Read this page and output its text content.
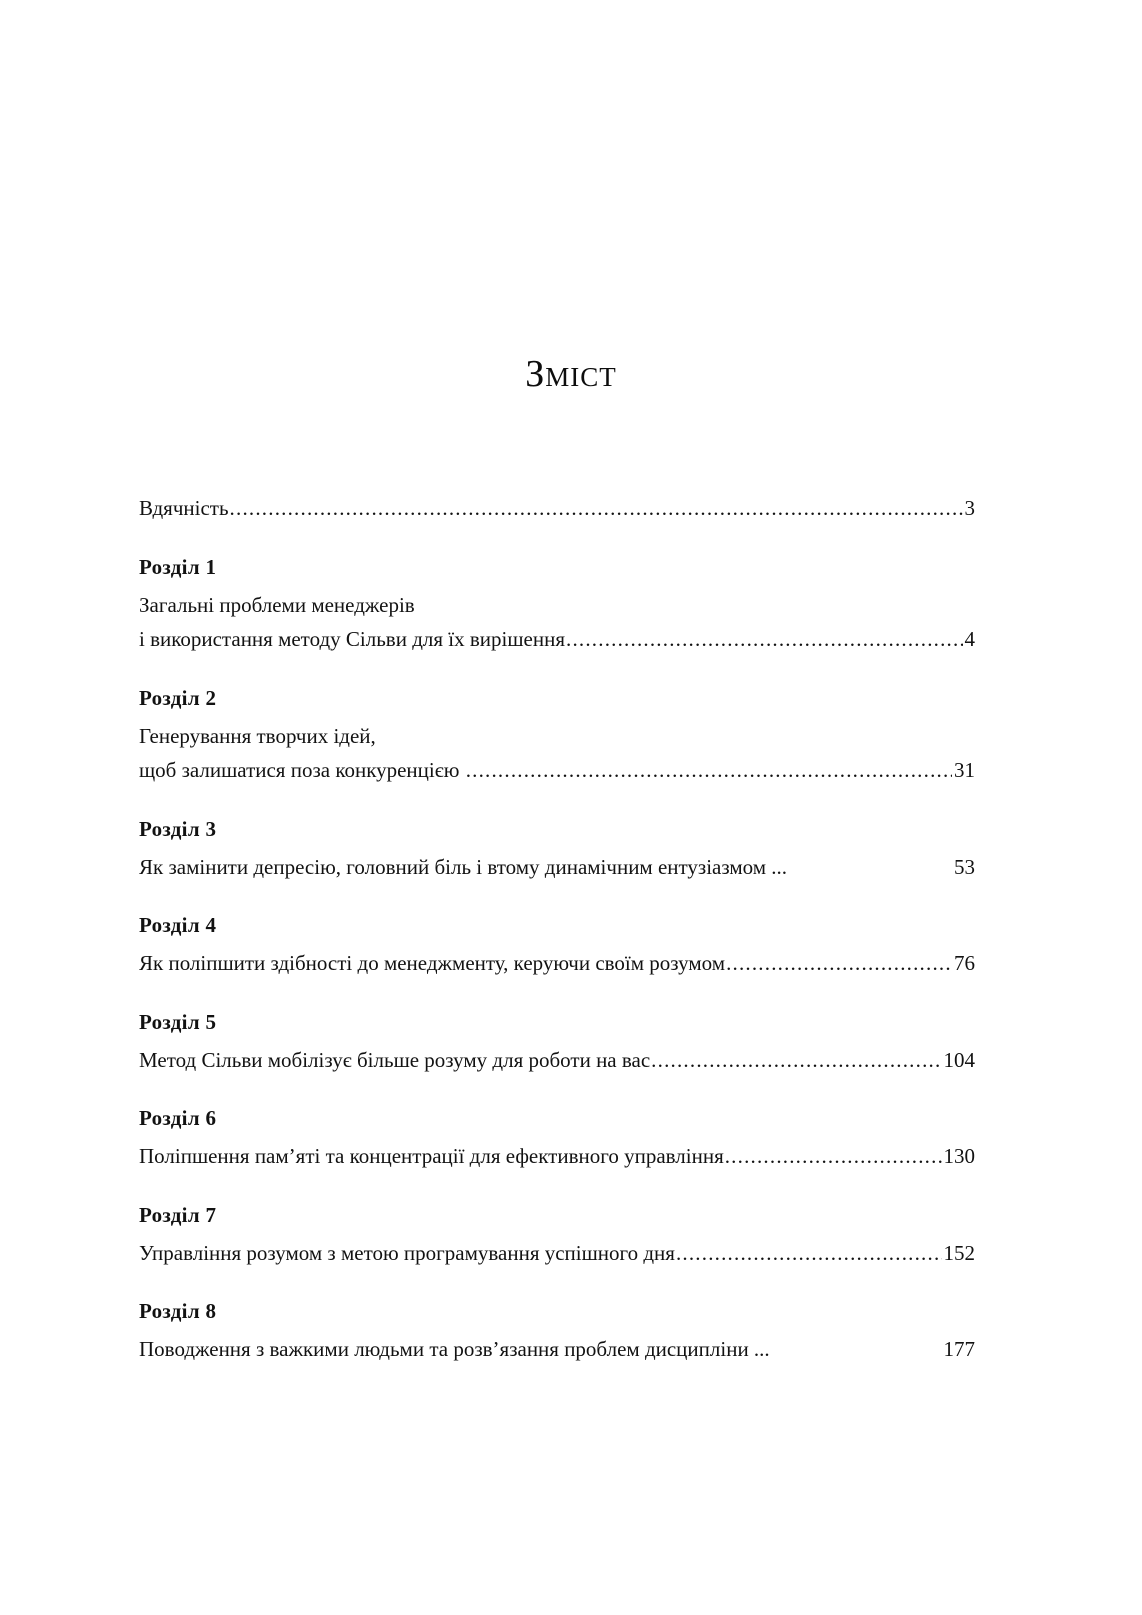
Зміст
Вдячність .....	3
Розділ 1
Загальні проблеми менеджерів
і використання методу Сільви для їх вирішення .....	4
Розділ 2
Генерування творчих ідей,
щоб залишатися поза конкуренцією .....	31
Розділ 3
Як замінити депресію, головний біль і втому динамічним ентузіазмом ...	53
Розділ 4
Як поліпшити здібності до менеджменту, керуючи своїм розумом .....	76
Розділ 5
Метод Сільви мобілізує більше розуму для роботи на вас .....	104
Розділ 6
Поліпшення пам’яті та концентрації для ефективного управління .....	130
Розділ 7
Управління розумом з метою програмування успішного дня .....	152
Розділ 8
Поводження з важкими людьми та розв’язання проблем дисципліни ...	177
